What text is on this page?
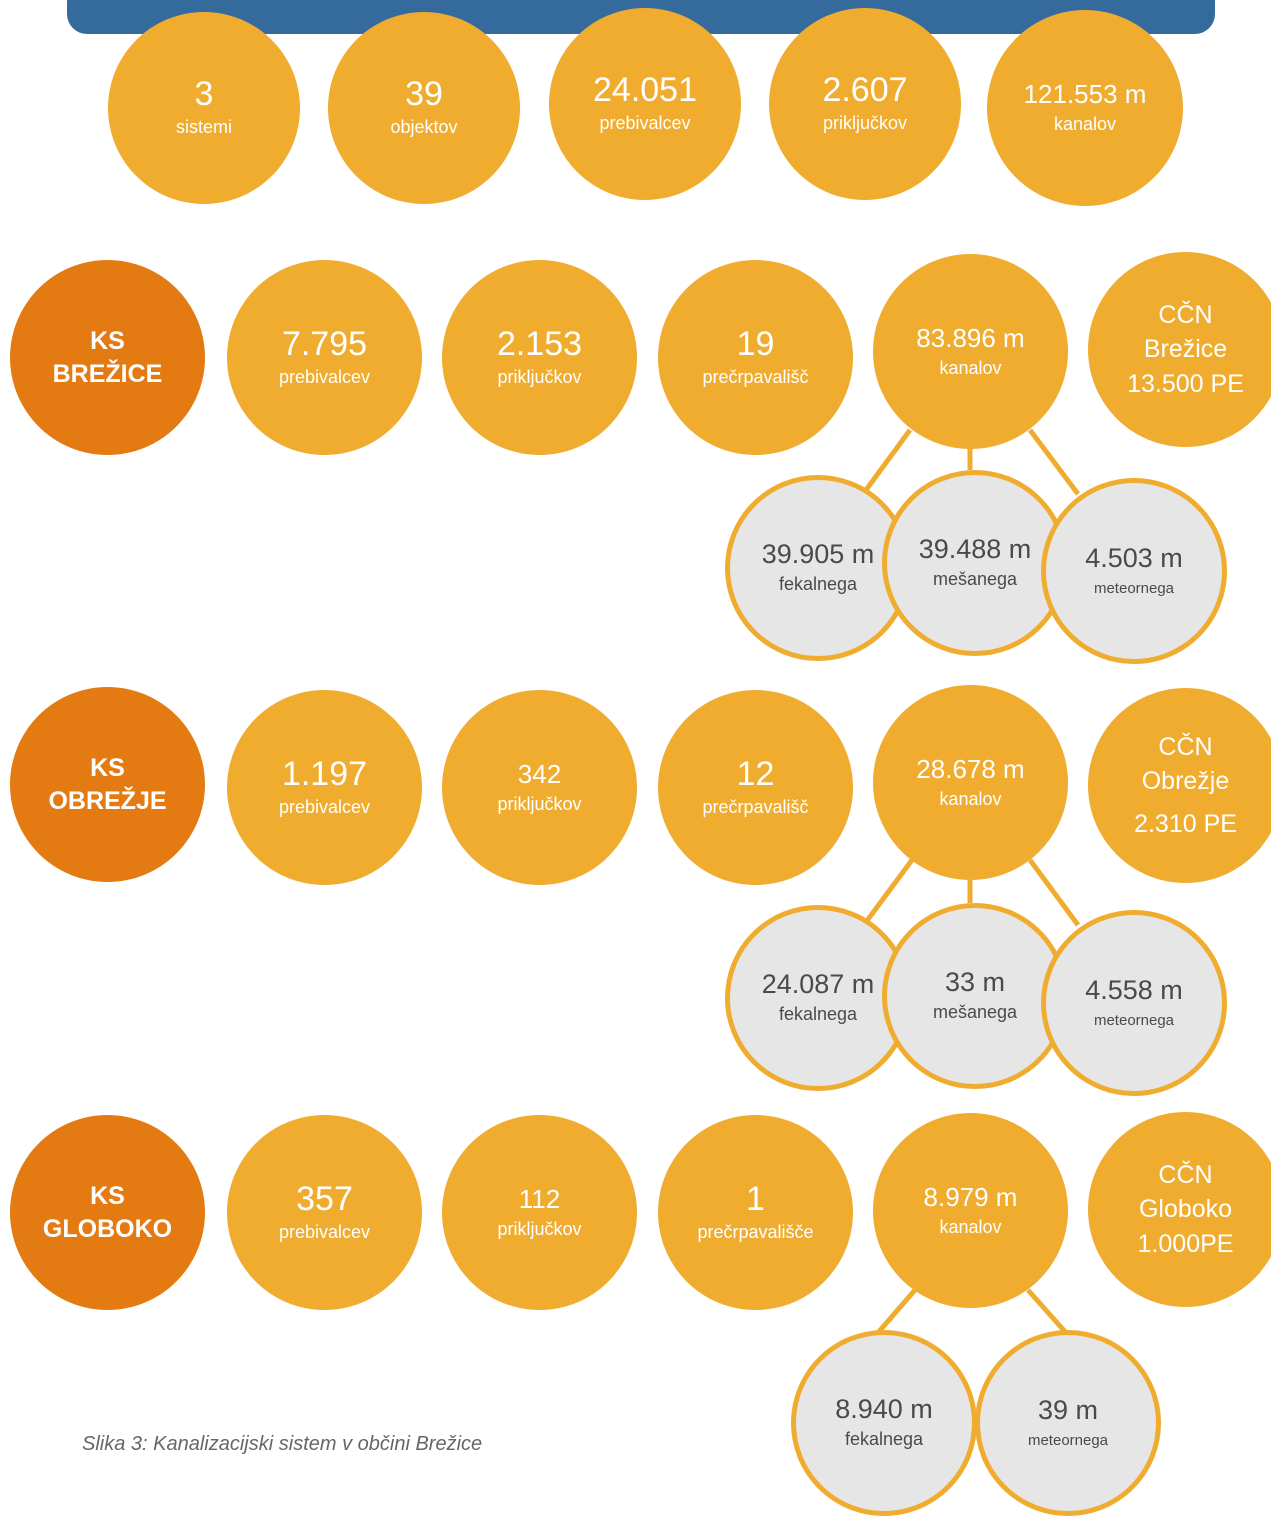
3
sistemi
39
objektov
24.051
prebivalcev
2.607
priključkov
121.553 m
kanalov
KS
BREŽICE
7.795
prebivalcev
2.153
priključkov
19
prečrpavališč
83.896 m
kanalov
CČN
Brežice
13.500 PE
39.905 m
fekalnega
39.488 m
mešanega
4.503 m
meteornega
KS
OBREŽJE
1.197
prebivalcev
342
priključkov
12
prečrpavališč
28.678 m
kanalov
CČN
Obrežje
2.310 PE
24.087 m
fekalnega
33 m
mešanega
4.558 m
meteornega
KS
GLOBOKO
357
prebivalcev
112
priključkov
1
prečrpavališče
8.979 m
kanalov
CČN
Globoko
1.000PE
8.940 m
fekalnega
39 m
meteornega
Slika 3: Kanalizacijski sistem v občini Brežice
